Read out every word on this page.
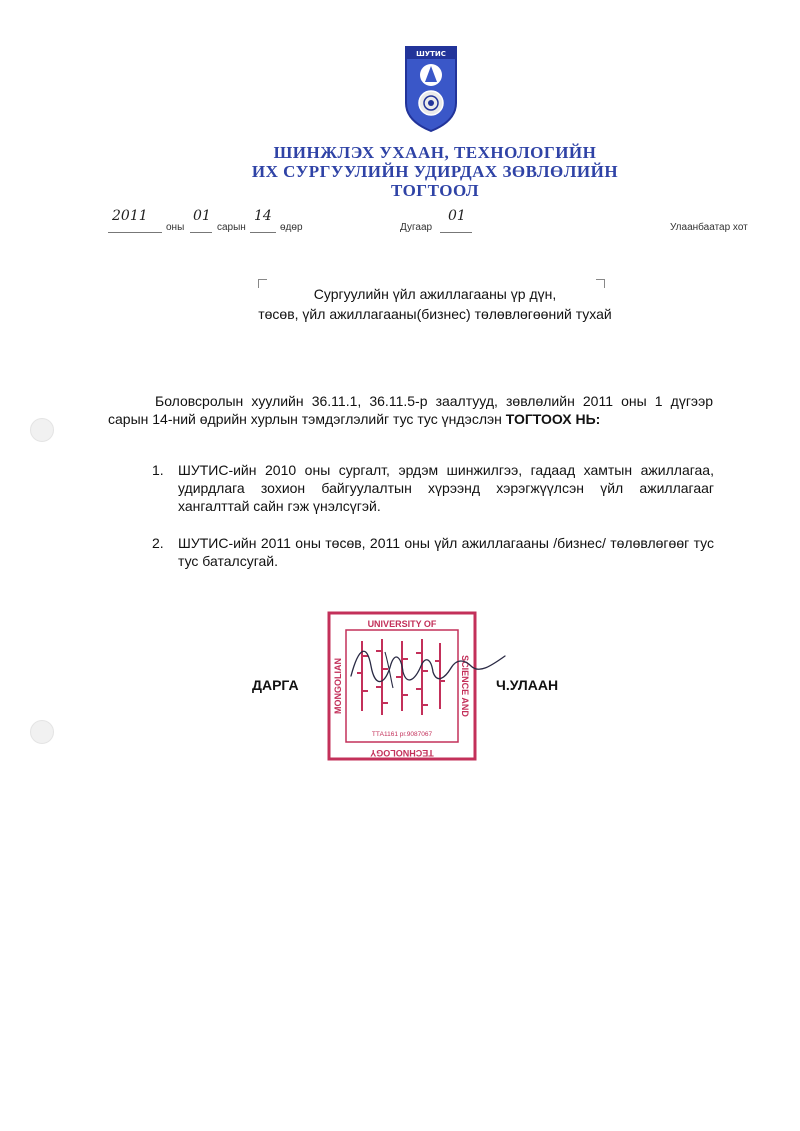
ШУТИС
ШИНЖЛЭХ УХААН, ТЕХНОЛОГИЙН
ИХ СУРГУУЛИЙН УДИРДАХ ЗӨВЛӨЛИЙН
ТОГТООЛ
2011
оны
01
сарын
14
өдөр	Дугаар
01
Улаанбаатар хот
Сургуулийн үйл ажиллагааны үр дүн,
төсөв, үйл ажиллагааны(бизнес) төлөвлөгөөний тухай
Боловсролын хуулийн 36.11.1, 36.11.5-р заалтууд, зөвлөлийн 2011 оны 1 дүгээр сарын 14-ний өдрийн хурлын тэмдэглэлийг тус тус үндэслэн ТОГТООХ НЬ:
1.	ШУТИС-ийн 2010 оны сургалт, эрдэм шинжилгээ, гадаад хамтын ажиллагаа, удирдлага зохион байгуулалтын хүрээнд хэрэгжүүлсэн үйл ажиллагааг хангалттай сайн гэж үнэлсүгэй.
2.	ШУТИС-ийн 2011 оны төсөв, 2011 оны үйл ажиллагааны /бизнес/ төлөвлөгөөг тус тус баталсугай.
ДАРГА	Ч.УЛААН
UNIVERSITY OF
SCIENCE AND
TECHNOLOGY
MONGOLIAN
ТТА1161 рг.9087067
